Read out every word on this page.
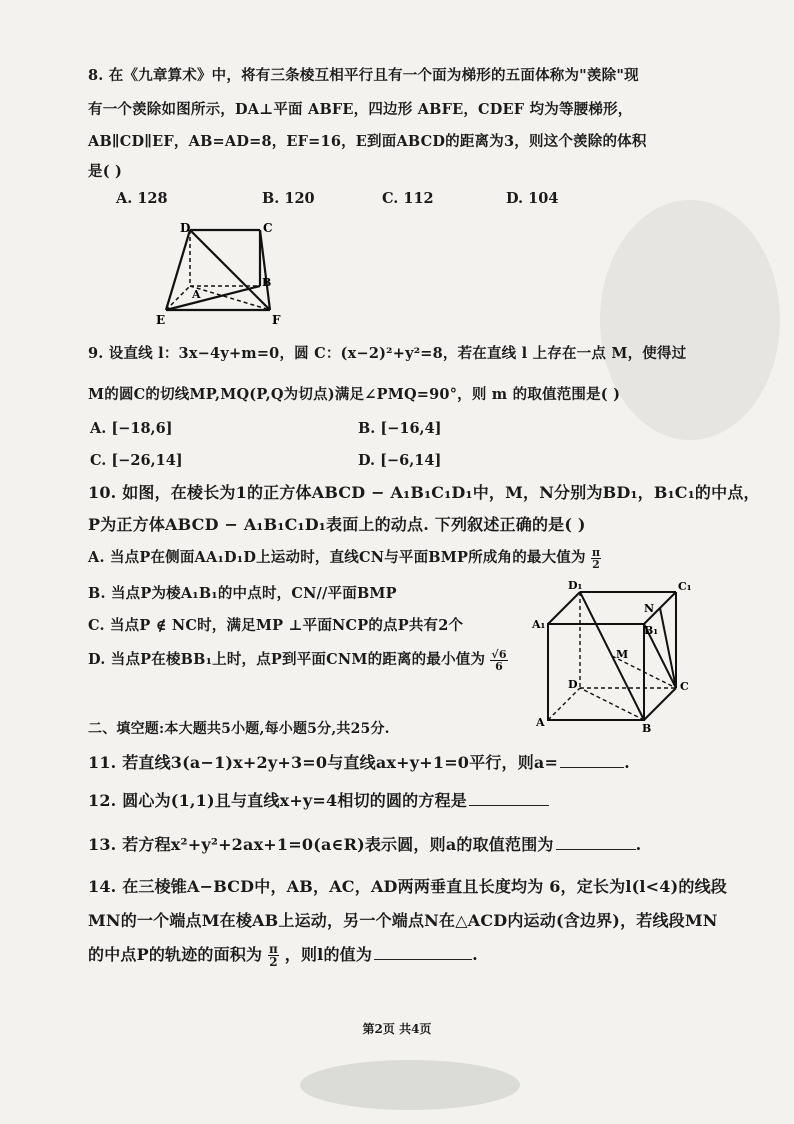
8. 在《九章算术》中，将有三条棱互相平行且有一个面为梯形的五面体称为"羡除"现
有一个羡除如图所示，DA⊥平面 ABFE，四边形 ABFE，CDEF 均为等腰梯形，
AB∥CD∥EF，AB=AD=8，EF=16，E到面ABCD的距离为3，则这个羡除的体积
是( )
A. 128	B. 120	C. 112	D. 104
D	C
A
B
E	F
9. 设直线 l：3x−4y+m=0，圆 C：(x−2)²+y²=8，若在直线 l 上存在一点 M，使得过
M的圆C的切线MP,MQ(P,Q为切点)满足∠PMQ=90°，则 m 的取值范围是( )
A. [−18,6]	B. [−16,4]
C. [−26,14]	D. [−6,14]
10. 如图，在棱长为1的正方体ABCD − A₁B₁C₁D₁中，M，N分别为BD₁，B₁C₁的中点，
P为正方体ABCD − A₁B₁C₁D₁表面上的动点. 下列叙述正确的是( )
A. 当点P在侧面AA₁D₁D上运动时，直线CN与平面BMP所成角的最大值为 $\frac{\pi}{2}$
B. 当点P为棱A₁B₁的中点时，CN//平面BMP
C. 当点P ∉ NC时，满足MP ⊥平面NCP的点P共有2个
D. 当点P在棱BB₁上时，点P到平面CNM的距离的最小值为 $\frac{√6}{6}$
D₁	C₁
A₁	B₁
N
M
D	C
A	B
二、填空题:本大题共5小题,每小题5分,共25分.
11. 若直线3(a−1)x+2y+3=0与直线ax+y+1=0平行，则a=	.
12. 圆心为(1,1)且与直线x+y=4相切的圆的方程是
13. 若方程x²+y²+2ax+1=0(a∈R)表示圆，则a的取值范围为	.
14. 在三棱锥A−BCD中，AB，AC，AD两两垂直且长度均为 6，定长为l(l<4)的线段
MN的一个端点M在棱AB上运动，另一个端点N在△ACD内运动(含边界)，若线段MN
的中点P的轨迹的面积为 $\frac{\pi}{2}$ ，则l的值为	.
第2页 共4页
